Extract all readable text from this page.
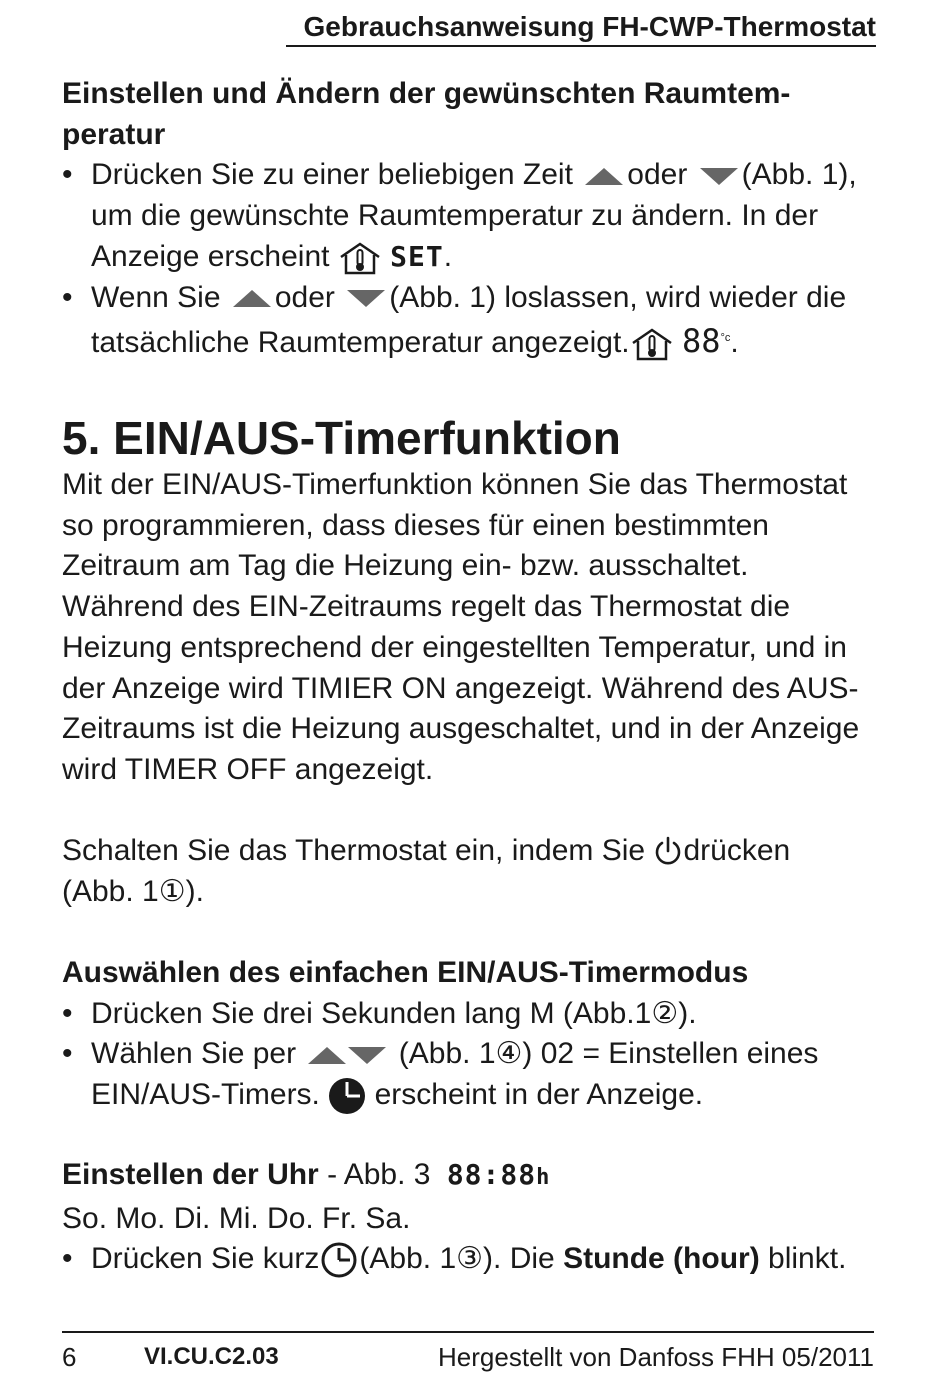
Gebrauchsanweisung FH-CWP-Thermostat
Einstellen und Ändern der gewünschten Raumtem-
peratur
• Drücken Sie zu einer beliebigen Zeit oder (Abb. 1),
um die gewünschte Raumtemperatur zu ändern. In der
Anzeige erscheint SET.
• Wenn Sie oder (Abb. 1) loslassen, wird wieder die
tatsächliche Raumtemperatur angezeigt. $88^{^\circ c}$.
5. EIN/AUS-Timerfunktion
Mit der EIN/AUS-Timerfunktion können Sie das Thermostat so programmieren, dass dieses für einen bestimmten Zeitraum am Tag die Heizung ein- bzw. ausschaltet. Während des EIN-Zeitraums regelt das Thermostat die Heizung entsprechend der eingestellten Temperatur, und in der Anzeige wird TIMIER ON angezeigt. Während des AUS-Zeitraums ist die Heizung ausgeschaltet, und in der Anzeige wird TIMER OFF angezeigt.
Schalten Sie das Thermostat ein, indem Sie drücken
(Abb. 1①).
Auswählen des einfachen EIN/AUS-Timermodus
• Drücken Sie drei Sekunden lang M (Abb.1②).
• Wählen Sie per	(Abb. 1④) 02 = Einstellen eines
EIN/AUS-Timers. erscheint in der Anzeige.
Einstellen der Uhr - Abb. 3 88:88h
So. Mo. Di. Mi. Do. Fr. Sa.
• Drücken Sie kurz (Abb. 1③). Die Stunde (hour) blinkt.
6	VI.CU.C2.03	Hergestellt von Danfoss FHH 05/2011
